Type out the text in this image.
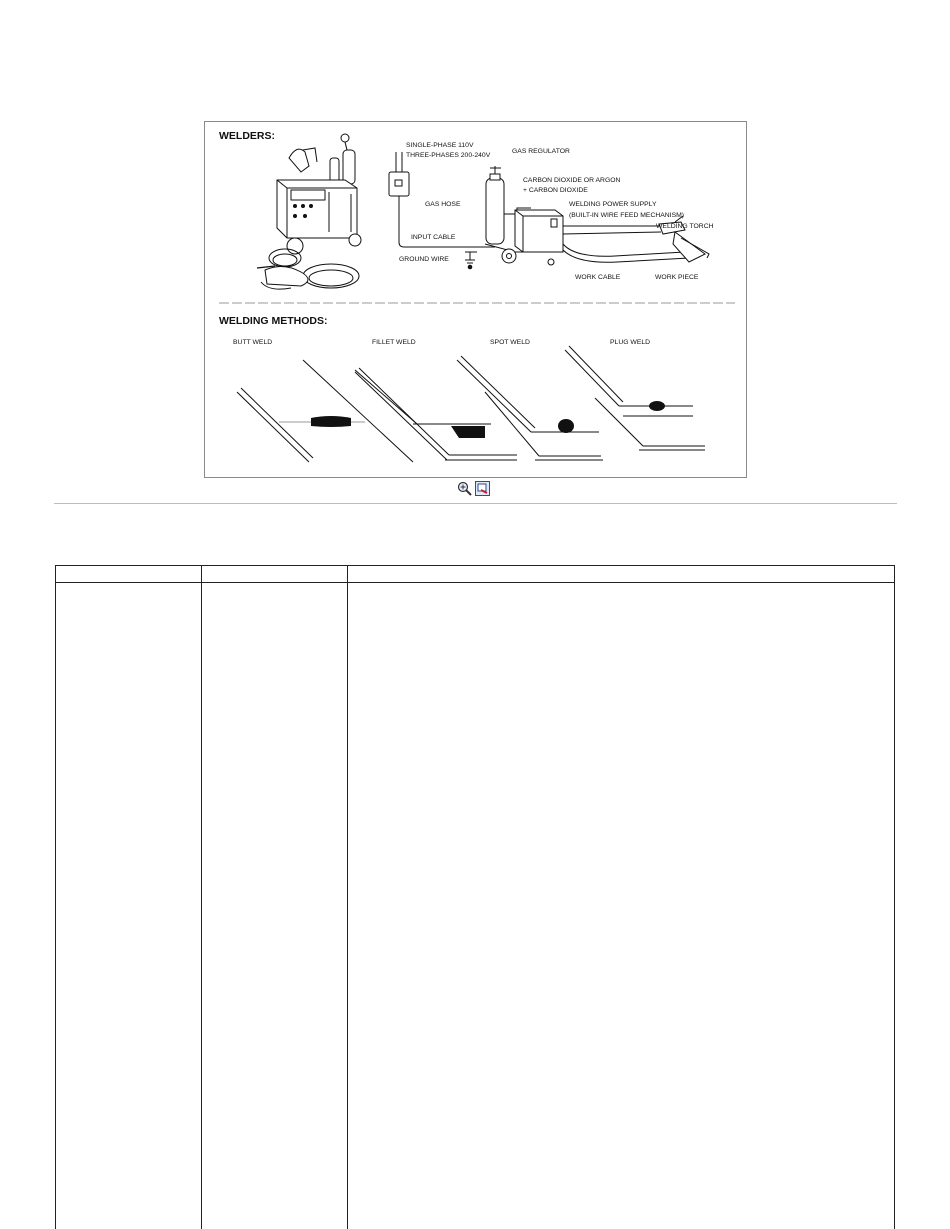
WELDERS:
WELDING METHODS:
SINGLE-PHASE 110V
THREE-PHASES 200-240V
GAS REGULATOR
CARBON DIOXIDE OR ARGON
+ CARBON DIOXIDE
GAS HOSE	WELDING POWER SUPPLY
(BUILT-IN WIRE FEED MECHANISM)
WELDING TORCH
INPUT CABLE
GROUND WIRE
WORK CABLE	WORK PIECE
BUTT WELD	FILLET WELD	SPOT WELD	PLUG WELD
